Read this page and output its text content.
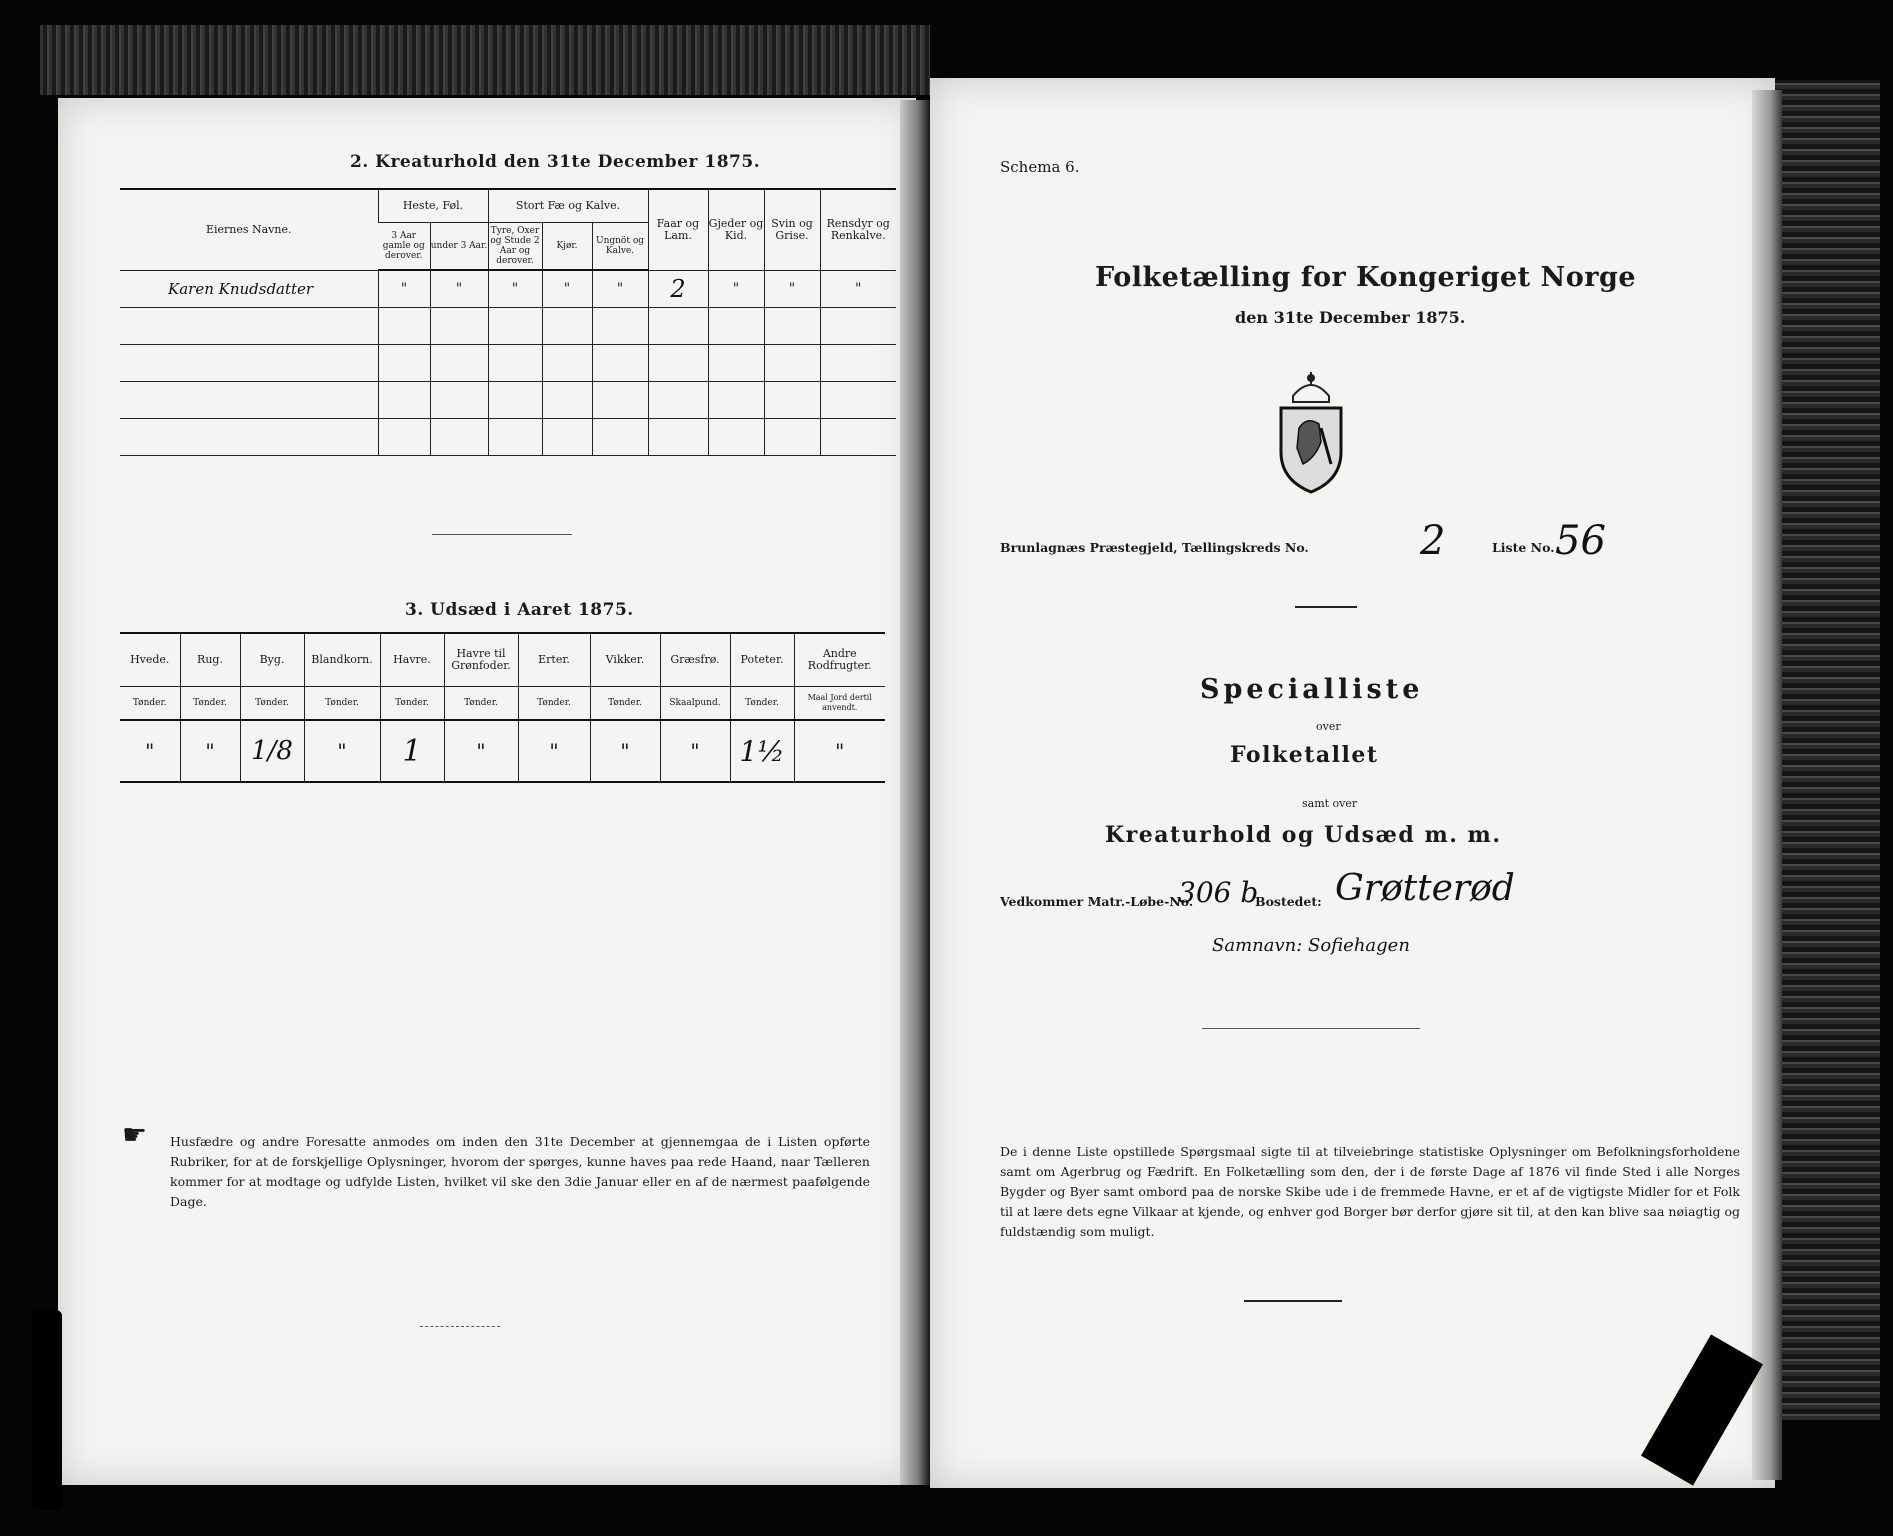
2. Kreaturhold den 31te December 1875.
Eiernes Navne.	Heste, Føl.		Stort Fæ og Kalve.			Faar og Lam.	Gjeder og Kid.	Svin og Grise.	Rensdyr og Renkalve.
	3 Aar gamle og derover.	under 3 Aar.	Tyre, Oxer og Stude 2 Aar og derover.	Kjør.	Ungnöt og Kalve.				
Karen Knudsdatter	"	"	"	"	"	2	"	"	"

3. Udsæd i Aaret 1875.
Hvede.	Rug.	Byg.	Blandkorn.	Havre.	Havre til Grønfoder.	Erter.	Vikker.	Græsfrø.	Poteter.	Andre Rodfrugter.
Tønder.	Tønder.	Tønder.	Tønder.	Tønder.	Tønder.	Tønder.	Tønder.	Skaalpund.	Tønder.	Maal Jord dertil anvendt.
"	"	1/8	"	1	"	"	"	"	1½	"
☛ Husfædre og andre Foresatte anmodes om inden den 31te December at gjennemgaa de i Listen opførte Rubriker, for at de forskjellige Oplysninger, hvorom der spørges, kunne haves paa rede Haand, naar Tælleren kommer for at modtage og udfylde Listen, hvilket vil ske den 3die Januar eller en af de nærmest paafølgende Dage.
Schema 6.
Folketælling for Kongeriget Norge
den 31te December 1875.
Brunlagnæs Præstegjeld, Tællingskreds No.	2	Liste No. 56
Specialliste
over
Folketallet
samt over
Kreaturhold og Udsæd m. m.
Vedkommer Matr.-Løbe-No.
306 b
Bostedet: Grøtterød
Samnavn: Sofiehagen
De i denne Liste opstillede Spørgsmaal sigte til at tilveiebringe statistiske Oplysninger om Befolkningsforholdene samt om Agerbrug og Fædrift. En Folketælling som den, der i de første Dage af 1876 vil finde Sted i alle Norges Bygder og Byer samt ombord paa de norske Skibe ude i de fremmede Havne, er et af de vigtigste Midler for et Folk til at lære dets egne Vilkaar at kjende, og enhver god Borger bør derfor gjøre sit til, at den kan blive saa nøiagtig og fuldstændig som muligt.
